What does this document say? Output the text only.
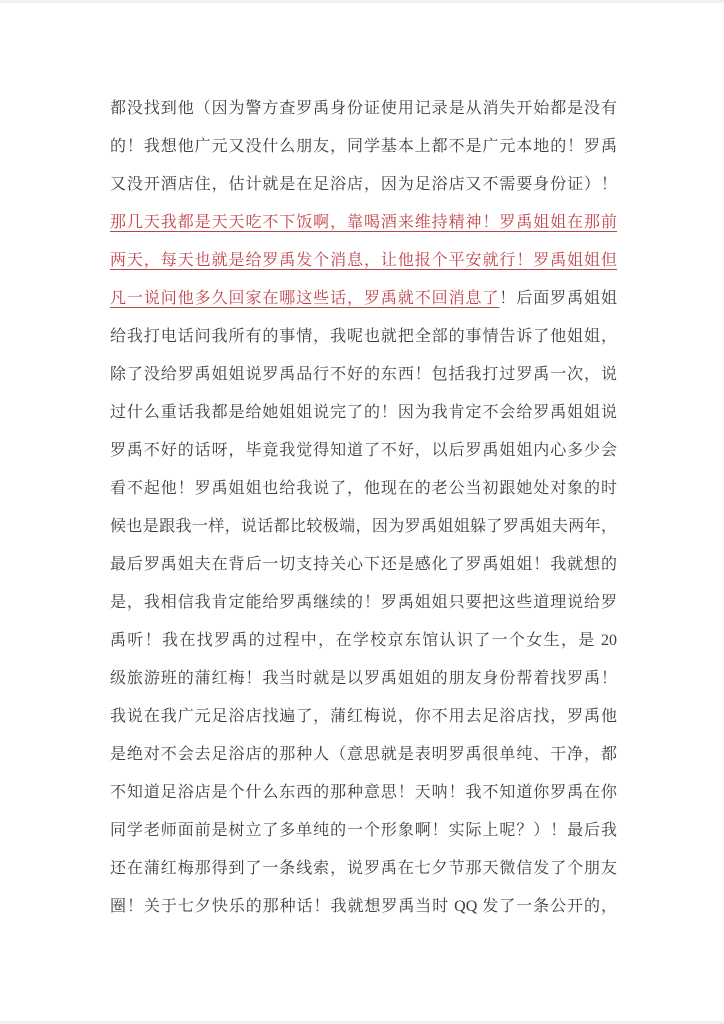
都没找到他（因为警方查罗禹身份证使用记录是从消失开始都是没有
的！我想他广元又没什么朋友，同学基本上都不是广元本地的！罗禹
又没开酒店住，估计就是在足浴店，因为足浴店又不需要身份证）！
那几天我都是天天吃不下饭啊，靠喝酒来维持精神！罗禹姐姐在那前
两天，每天也就是给罗禹发个消息，让他报个平安就行！罗禹姐姐但
凡一说问他多久回家在哪这些话，罗禹就不回消息了！后面罗禹姐姐
给我打电话问我所有的事情，我呢也就把全部的事情告诉了他姐姐，
除了没给罗禹姐姐说罗禹品行不好的东西！包括我打过罗禹一次，说
过什么重话我都是给她姐姐说完了的！因为我肯定不会给罗禹姐姐说
罗禹不好的话呀，毕竟我觉得知道了不好，以后罗禹姐姐内心多少会
看不起他！罗禹姐姐也给我说了，他现在的老公当初跟她处对象的时
候也是跟我一样，说话都比较极端，因为罗禹姐姐躲了罗禹姐夫两年，
最后罗禹姐夫在背后一切支持关心下还是感化了罗禹姐姐！我就想的
是，我相信我肯定能给罗禹继续的！罗禹姐姐只要把这些道理说给罗
禹听！我在找罗禹的过程中，在学校京东馆认识了一个女生，是 20
级旅游班的蒲红梅！我当时就是以罗禹姐姐的朋友身份帮着找罗禹！
我说在我广元足浴店找遍了，蒲红梅说，你不用去足浴店找，罗禹他
是绝对不会去足浴店的那种人（意思就是表明罗禹很单纯、干净，都
不知道足浴店是个什么东西的那种意思！天呐！我不知道你罗禹在你
同学老师面前是树立了多单纯的一个形象啊！实际上呢？）！最后我
还在蒲红梅那得到了一条线索，说罗禹在七夕节那天微信发了个朋友
圈！关于七夕快乐的那种话！我就想罗禹当时 QQ 发了一条公开的，
